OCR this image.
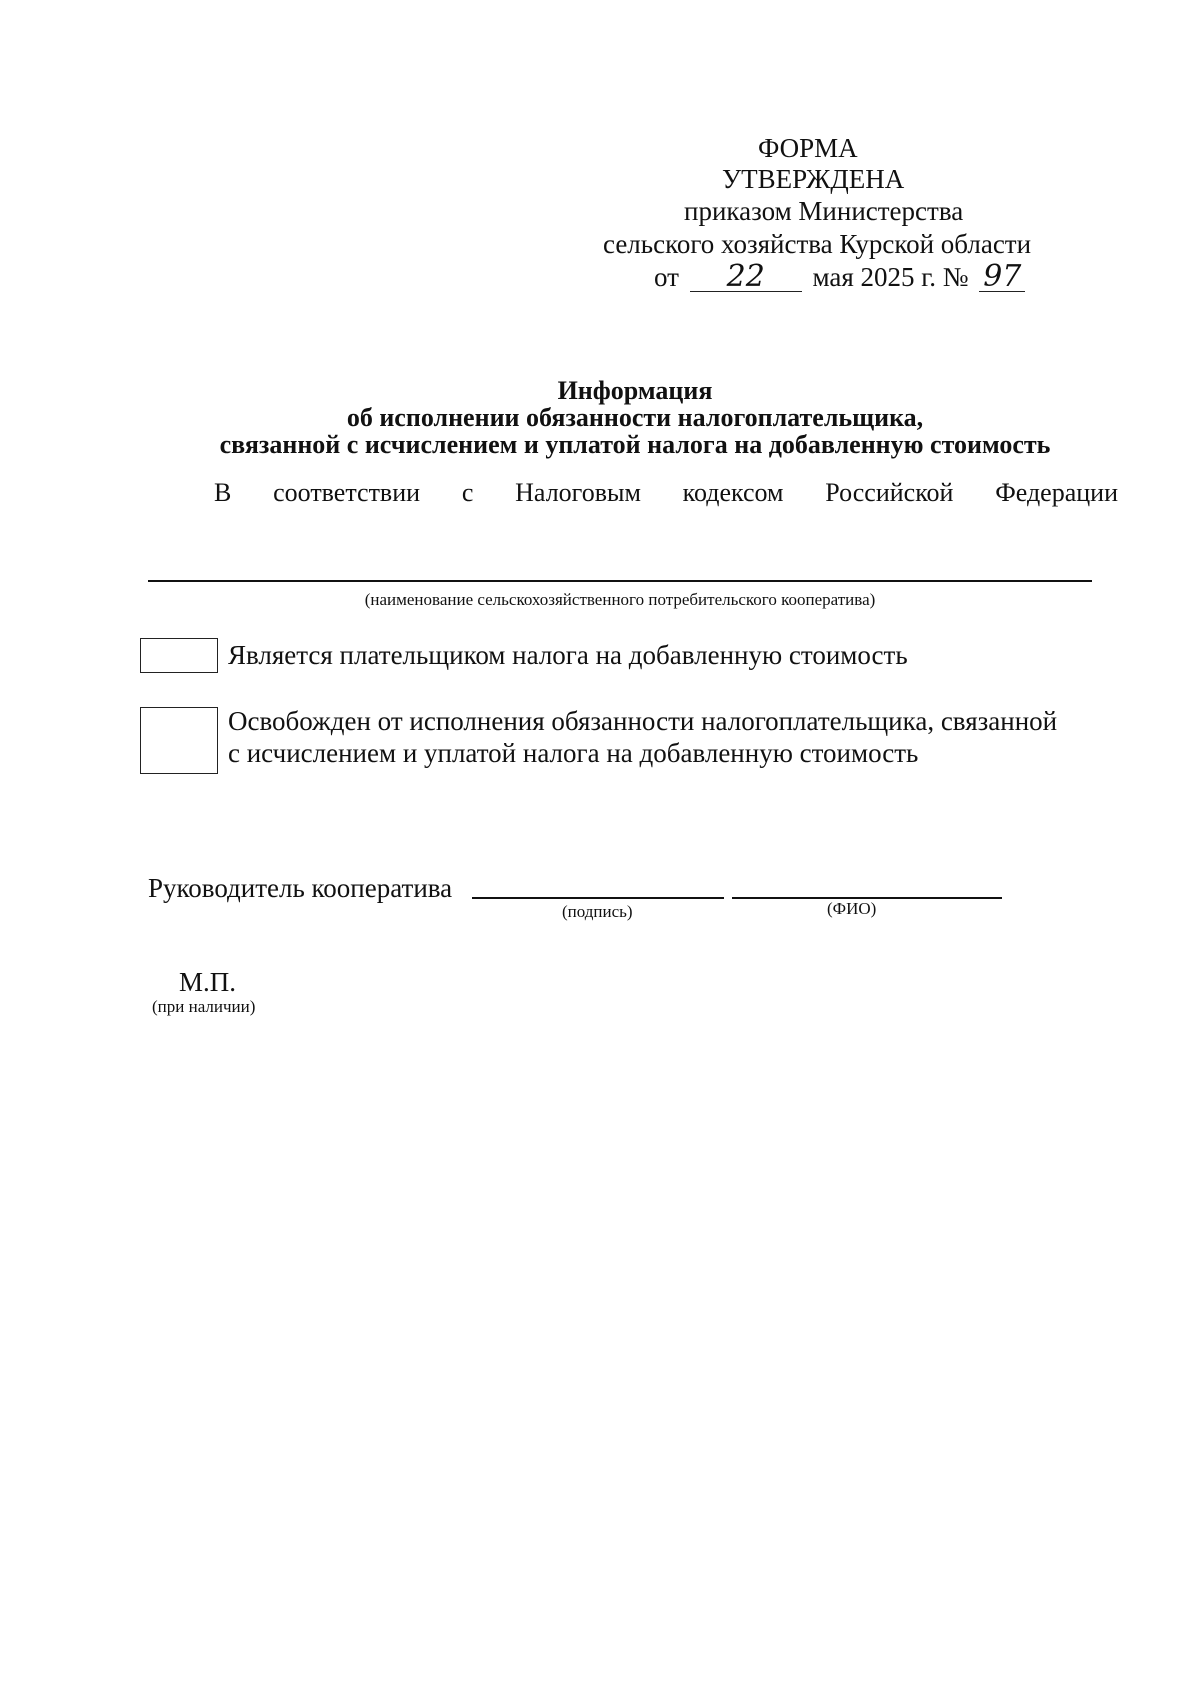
ФОРМА
УТВЕРЖДЕНА
приказом Министерства
сельского хозяйства Курской области
от 22 мая 2025 г. № 97
Информация
об исполнении обязанности налогоплательщика,
связанной с исчислением и уплатой налога на добавленную стоимость
В соответствии с Налоговым кодексом Российской Федерации
(наименование сельскохозяйственного потребительского кооператива)
Является плательщиком налога на добавленную стоимость
Освобожден от исполнения обязанности налогоплательщика, связанной
с исчислением и уплатой налога на добавленную стоимость
Руководитель кооператива
(подпись)	(ФИО)
М.П.
(при наличии)
